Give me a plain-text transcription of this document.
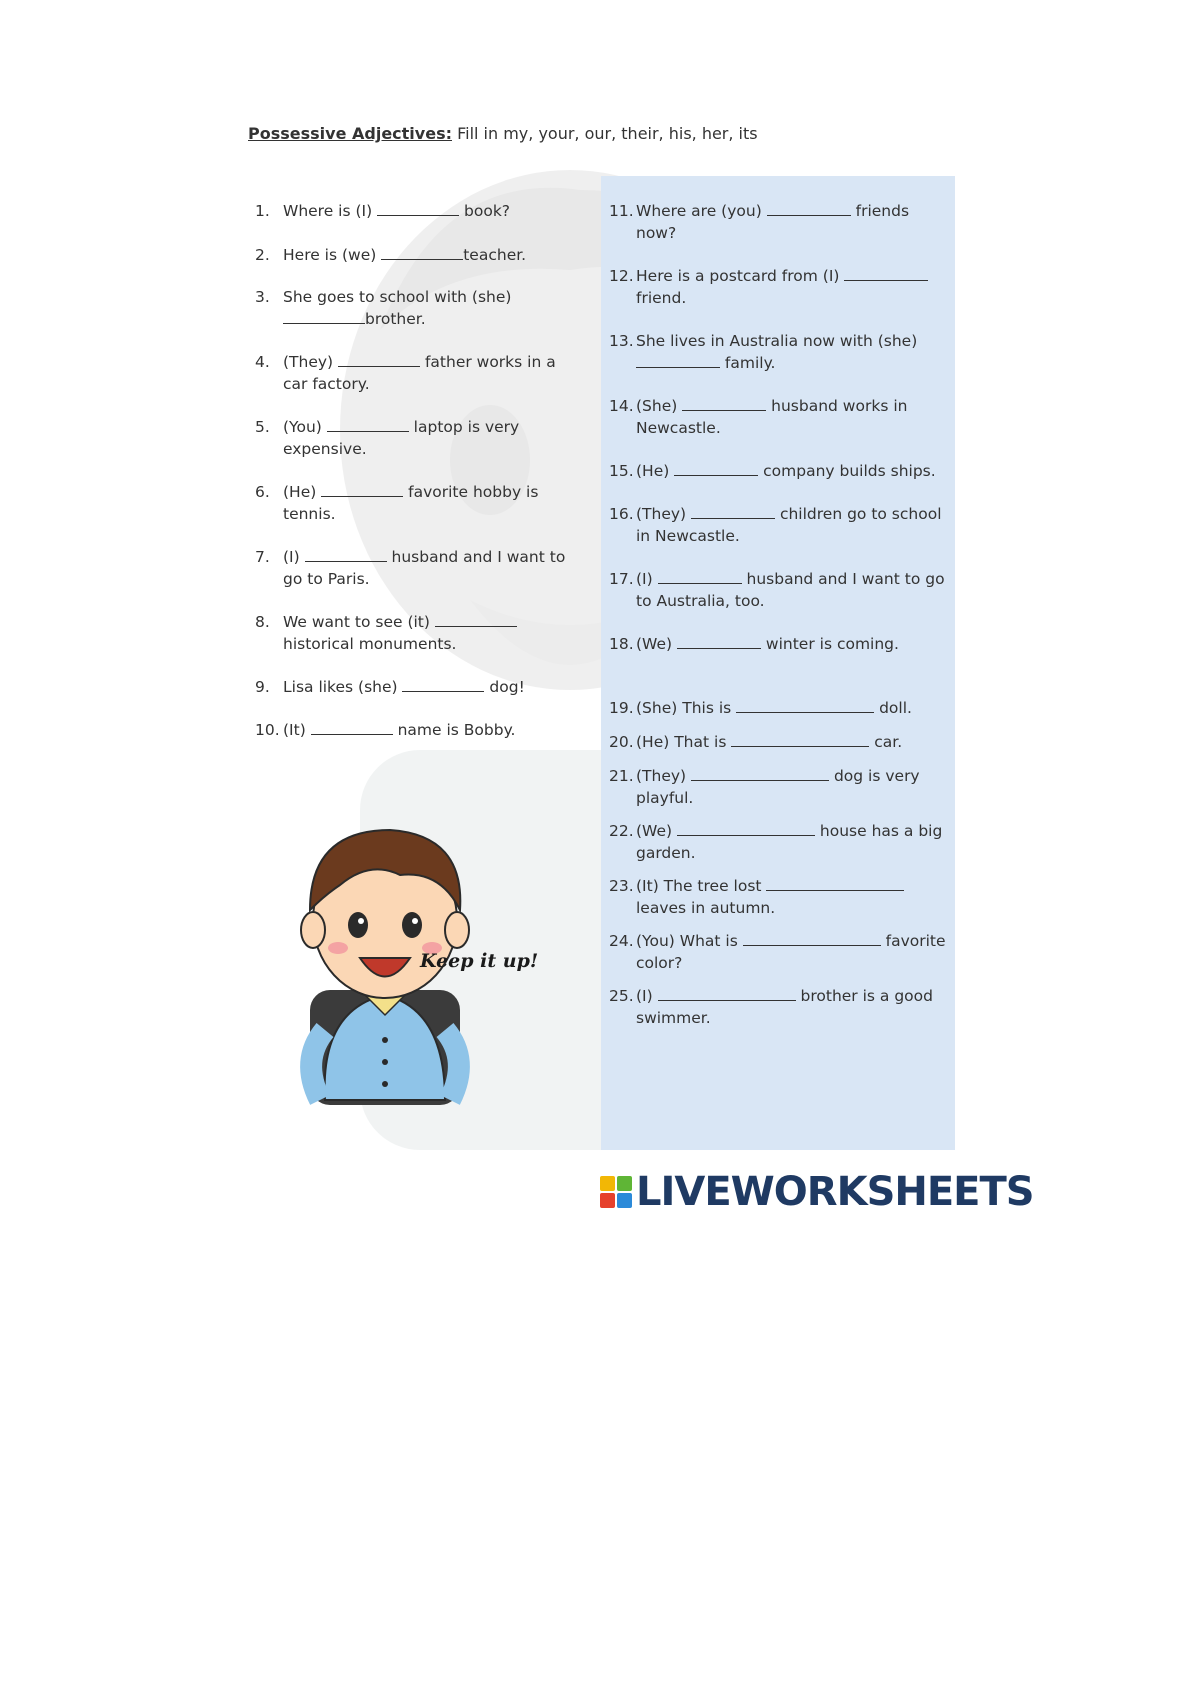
Possessive Adjectives: Fill in my, your, our, their, his, her, its
1. Where is (I)	book?
2. Here is (we)	teacher.
3. She goes to school with (she) brother.
4. (They)	father works in a car factory.
5. (You)	laptop is very expensive.
6. (He)	favorite hobby is tennis.
7. (I)	husband and I want to go to Paris.
8. We want to see (it)  historical monuments.
9. Lisa likes (she)	dog!
10. (It)	name is Bobby.
11. Where are (you)	friends now?
12. Here is a postcard from (I)  friend.
13. She lives in Australia now with (she)  family.
14. (She)	husband works in Newcastle.
15. (He)	company builds ships.
16. (They)	children go to school in Newcastle.
17. (I)	husband and I want to go to Australia, too.
18. (We)	winter is coming.
19. (She) This is	doll.
20. (He) That is	car.
21. (They)	dog is very playful.
22. (We)	house has a big garden.
23. (It) The tree lost  leaves in autumn.
24. (You) What is	favorite color?
25. (I)	brother is a good swimmer.
Keep it up!
LIVEWORKSHEETS
